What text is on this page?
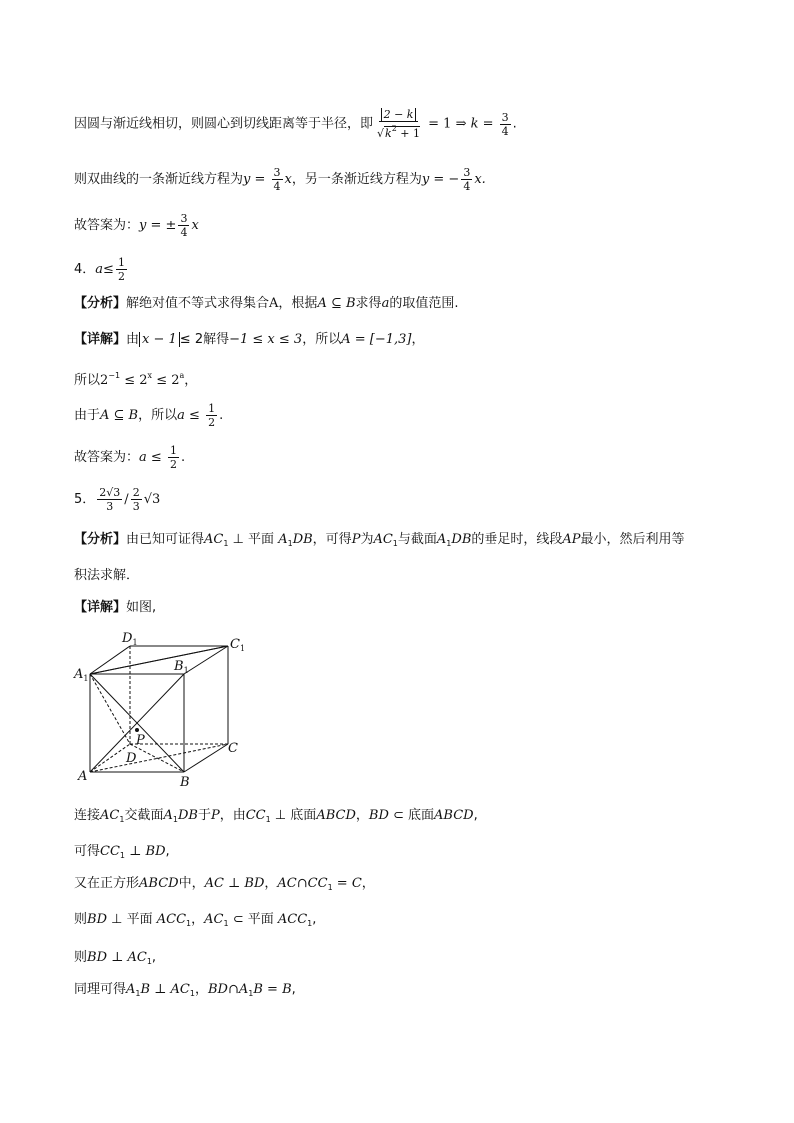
因圆与渐近线相切，则圆心到切线距离等于半径，即 $\frac{2 - k}{√k^2 + 1} = 1$ ⇒ $k = \frac{3}{4}$ .
则双曲线的一条渐近线方程为$y = \frac{3}{4}$ x，另一条渐近线方程为y = − $\frac{3}{4} x$.
故答案为：y = ± $\frac{3}{4}$ x
4．$a\le \frac{1}{2}$
【分析】解绝对值不等式求得集合A，根据A ⊆ B求得a的取值范围.
【详解】由 x − 1 ≤ 2解得−1 ≤ x ≤ 3，所以A = [−1,3]，
所以$2^{-1} \le 2^x \le 2^a$，
由于A ⊆ B，所以$a \le \frac{1}{2}$ .
故答案为：$a \le \frac{1}{2}$ .
5． $\frac{2√3}{3} / \frac{2}{3} √3$
【分析】由已知可证得$AC_1$ ⊥ 平面 $A_1DB$，可得P为$AC_1$与截面$A_1DB$的垂足时，线段AP最小，然后利用等
积法求解．
【详解】如图,
$A_1$
$D_1$
$B_1$
$C_1$
P
D
C
A	B
连接$AC_1$交截面$A_1DB$于P，由$CC_1$ ⊥ 底面ABCD，BD ⊂ 底面ABCD,
可得$CC_1$ ⊥ BD,
又在正方形ABCD中，AC ⊥ BD，$AC\cap CC_1 = C$，
则BD ⊥ 平面 $ACC_1$，$AC_1$ ⊂ 平面 $ACC_1$,
则BD ⊥ $AC_1$,
同理可得$A_1B$ ⊥ $AC_1$，$BD\cap A_1B = B$,
